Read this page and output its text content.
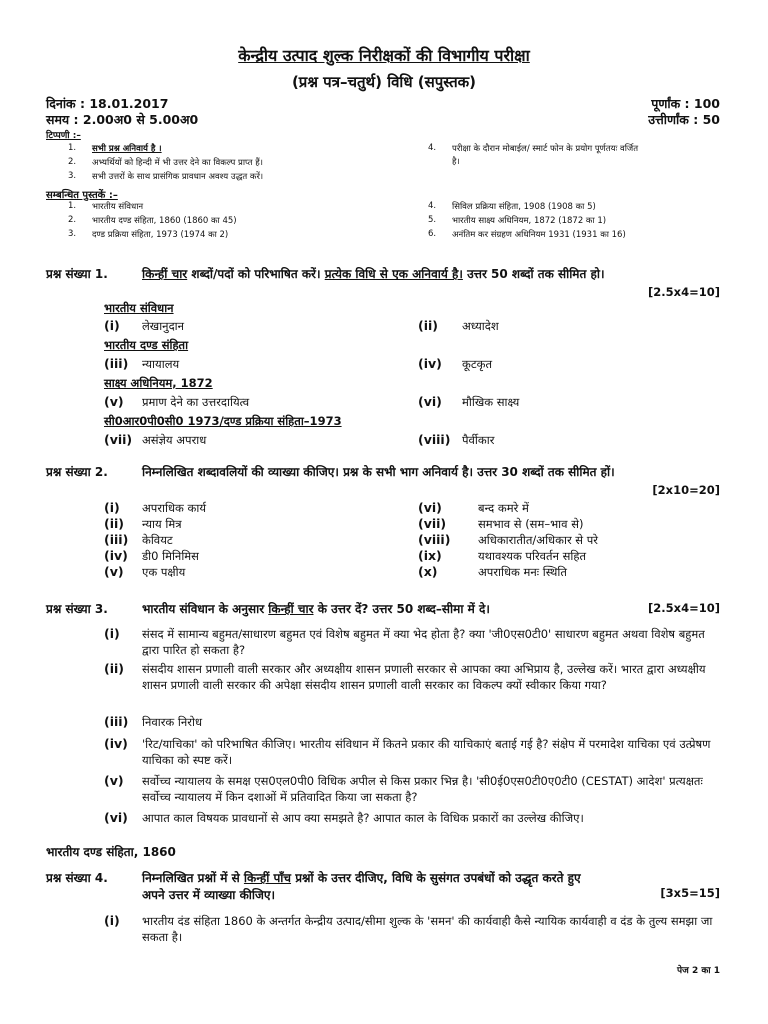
केन्द्रीय उत्पाद शुल्क निरीक्षकों की विभागीय परीक्षा
(प्रश्न पत्र–चतुर्थ) विधि (सपुस्तक)
दिनांक : 18.01.2017	पूर्णांक : 100
समय : 2.00अ0 से 5.00अ0	उत्तीर्णांक : 50
टिप्पणी :–
1. सभी प्रश्न अनिवार्य है ।
2. अभ्यर्थियों को हिन्दी में भी उत्तर देने का विकल्प प्राप्त हैं।
3. सभी उत्तरों के साथ प्रासंगिक प्रावधान अवश्य उद्धत करें।
4. परीक्षा के दौरान मोबाईल/ स्मार्ट फोन के प्रयोग पूर्णतयः वर्जित
है।
सम्बन्धित पुस्तकें :–
1. भारतीय संविधान
2. भारतीय दण्ड संहिता, 1860 (1860 का 45)
3. दण्ड प्रक्रिया संहिता, 1973 (1974 का 2)
4. सिविल प्रक्रिया संहिता, 1908 (1908 का 5)
5. भारतीय साक्ष्य अधिनियम, 1872 (1872 का 1)
6. अनंतिम कर संग्रहण अधिनियम 1931 (1931 का 16)
प्रश्न संख्या 1.	किन्हीं चार शब्दों/पदों को परिभाषित करें। प्रत्येक विधि से एक अनिवार्य है। उत्तर 50 शब्दों तक सीमित हो।
[2.5x4=10]
भारतीय संविधान
(i) लेखानुदान	(ii) अध्यादेश
भारतीय दण्ड संहिता
(iii) न्यायालय	(iv) कूटकृत
साक्ष्य अधिनियम, 1872
(v) प्रमाण देने का उत्तरदायित्व	(vi) मौखिक साक्ष्य
सी0आर0पी0सी0 1973/दण्ड प्रक्रिया संहिता–1973
(vii) असंज्ञेय अपराध	(viii) पैर्वीकार
प्रश्न संख्या 2.	निम्नलिखित शब्दावलियों की व्याख्या कीजिए। प्रश्न के सभी भाग अनिवार्य है। उत्तर 30 शब्दों तक सीमित हों।
[2x10=20]
(i) अपराधिक कार्य	(vi)	बन्द कमरे में
(ii) न्याय मित्र	(vii)	समभाव से (सम–भाव से)
(iii) केवियट	(viii) अधिकारातीत/अधिकार से परे
(iv) डी0 मिनिमिस	(ix)	यथावश्यक परिवर्तन सहित
(v) एक पक्षीय	(x)	अपराधिक मनः स्थिति
प्रश्न संख्या 3.	भारतीय संविधान के अनुसार किन्हीं चार के उत्तर दें? उत्तर 50 शब्द–सीमा में दे।	[2.5x4=10]
(i) संसद में सामान्य बहुमत/साधारण बहुमत एवं विशेष बहुमत में क्या भेद होता है? क्या 'जी0एस0टी0' साधारण बहुमत अथवा विशेष बहुमत द्वारा पारित हो सकता है?
(ii) संसदीय शासन प्रणाली वाली सरकार और अध्यक्षीय शासन प्रणाली सरकार से आपका क्या अभिप्राय है, उल्लेख करें। भारत द्वारा अध्यक्षीय शासन प्रणाली वाली सरकार की अपेक्षा संसदीय शासन प्रणाली वाली सरकार का विकल्प क्यों स्वीकार किया गया?
(iii) निवारक निरोध
(iv) 'रिट/याचिका' को परिभाषित कीजिए। भारतीय संविधान में कितने प्रकार की याचिकाएं बताई गई है? संक्षेप में परमादेश याचिका एवं उत्प्रेषण याचिका को स्पष्ट करें।
(v) सर्वोच्च न्यायालय के समक्ष एस0एल0पी0 विधिक अपील से किस प्रकार भिन्न है। 'सी0ई0एस0टी0ए0टी0 (CESTAT) आदेश' प्रत्यक्षतः सर्वोच्च न्यायालय में किन दशाओं में प्रतिवादित किया जा सकता है?
(vi) आपात काल विषयक प्रावधानों से आप क्या समझते है? आपात काल के विधिक प्रकारों का उल्लेख कीजिए।
भारतीय दण्ड संहिता, 1860
प्रश्न संख्या 4.	निम्नलिखित प्रश्नों में से किन्हीं पाँच प्रश्नों के उत्तर दीजिए, विधि के सुसंगत उपबंधों को उद्धृत करते हुए
अपने उत्तर में व्याख्या कीजिए।	[3x5=15]
(i) भारतीय दंड संहिता 1860 के अन्तर्गत केन्द्रीय उत्पाद/सीमा शुल्क के 'समन' की कार्यवाही कैसे न्यायिक कार्यवाही व दंड के तुल्य समझा जा सकता है।
पेज 2 का 1
